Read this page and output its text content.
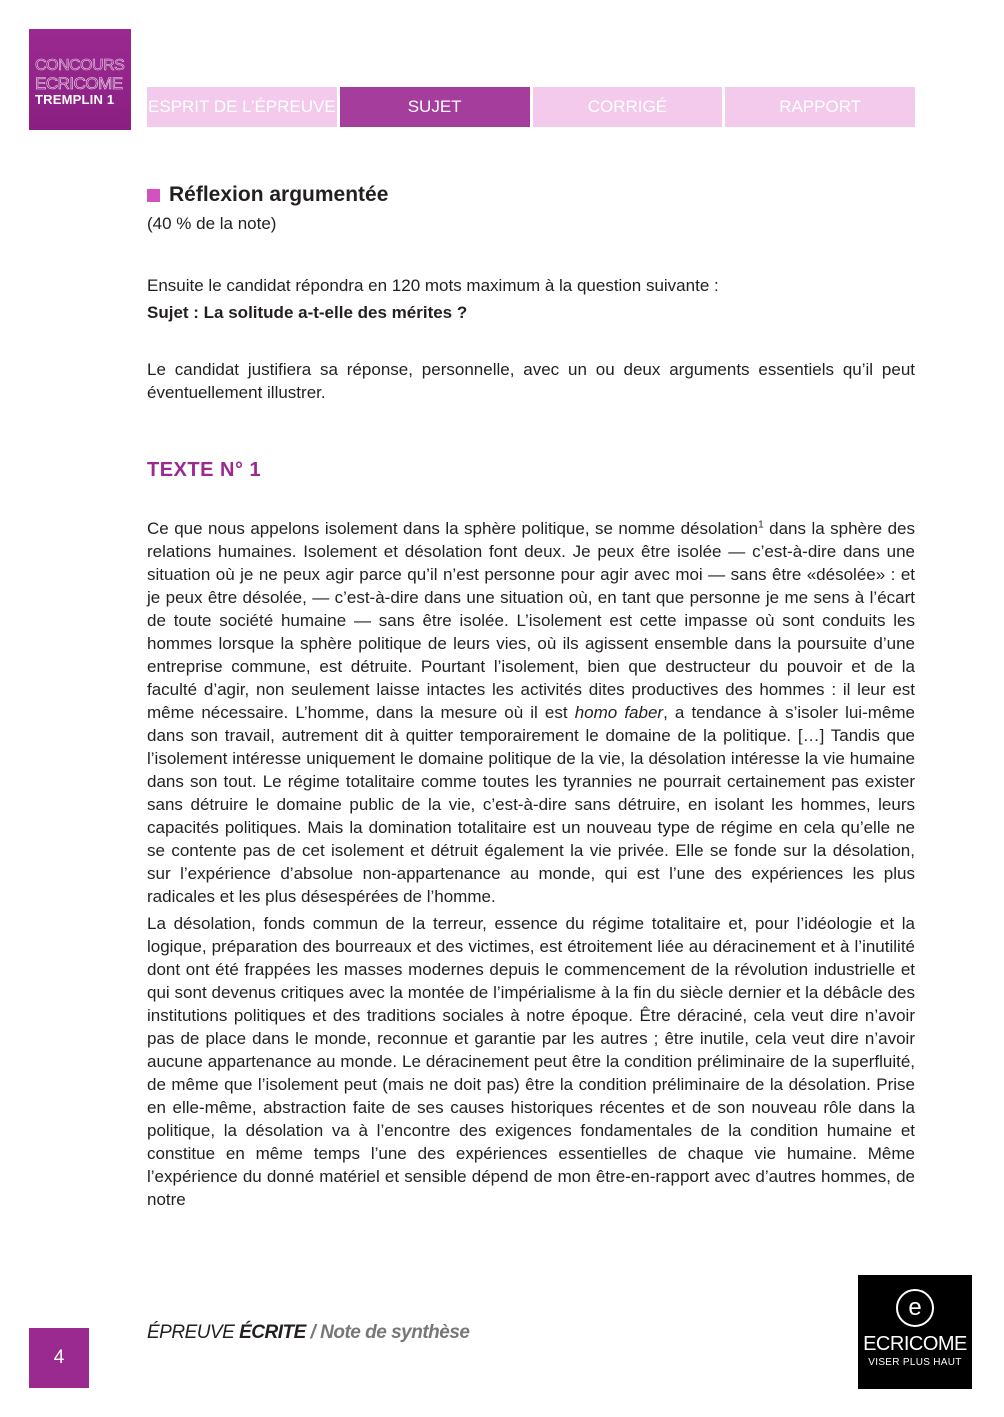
CONCOURS
ECRICOME
TREMPLIN 1	ESPRIT DE L’ÉPREUVE	SUJET	CORRIGÉ	RAPPORT
Réflexion argumentée
(40 % de la note)

Ensuite le candidat répondra en 120 mots maximum à la question suivante :

Sujet : La solitude a-t-elle des mérites ?

Le candidat justifiera sa réponse, personnelle, avec un ou deux arguments essentiels qu’il peut éventuellement illustrer.

TEXTE N° 1

Ce que nous appelons isolement dans la sphère politique, se nomme désolation$^1$ dans la sphère des relations humaines. Isolement et désolation font deux. Je peux être isolée — c’est-à-dire dans une situation où je ne peux agir parce qu’il n’est personne pour agir avec moi — sans être «désolée» : et je peux être désolée, — c’est-à-dire dans une situation où, en tant que personne je me sens à l’écart de toute société humaine — sans être isolée. L’isolement est cette impasse où sont conduits les hommes lorsque la sphère politique de leurs vies, où ils agissent ensemble dans la poursuite d’une entreprise commune, est détruite. Pourtant l’isolement, bien que destructeur du pouvoir et de la faculté d’agir, non seulement laisse intactes les activités dites productives des hommes : il leur est même nécessaire. L’homme, dans la mesure où il est homo faber, a tendance à s’isoler lui-même dans son travail, autrement dit à quitter temporairement le domaine de la politique. […] Tandis que l’isolement intéresse uniquement le domaine politique de la vie, la désolation intéresse la vie humaine dans son tout. Le régime totalitaire comme toutes les tyrannies ne pourrait certainement pas exister sans détruire le domaine public de la vie, c’est-à-dire sans détruire, en isolant les hommes, leurs capacités politiques. Mais la domination totalitaire est un nouveau type de régime en cela qu’elle ne se contente pas de cet isolement et détruit également la vie privée. Elle se fonde sur la désolation, sur l’expérience d’absolue non-appartenance au monde, qui est l’une des expériences les plus radicales et les plus désespérées de l’homme.

La désolation, fonds commun de la terreur, essence du régime totalitaire et, pour l’idéologie et la logique, préparation des bourreaux et des victimes, est étroitement liée au déracinement et à l’inutilité dont ont été frappées les masses modernes depuis le commencement de la révolution industrielle et qui sont devenus critiques avec la montée de l’impérialisme à la fin du siècle dernier et la débâcle des institutions politiques et des traditions sociales à notre époque. Être déraciné, cela veut dire n’avoir pas de place dans le monde, reconnue et garantie par les autres ; être inutile, cela veut dire n’avoir aucune appartenance au monde. Le déracinement peut être la condition préliminaire de la superfluité, de même que l’isolement peut (mais ne doit pas) être la condition préliminaire de la désolation. Prise en elle-même, abstraction faite de ses causes historiques récentes et de son nouveau rôle dans la politique, la désolation va à l’encontre des exigences fondamentales de la condition humaine et constitue en même temps l’une des expériences essentielles de chaque vie humaine. Même l’expérience du donné matériel et sensible dépend de mon être-en-rapport avec d’autres hommes, de notre

4
ÉPREUVE ÉCRITE / Note de synthèse
e
ECRICOME
VISER PLUS HAUT
